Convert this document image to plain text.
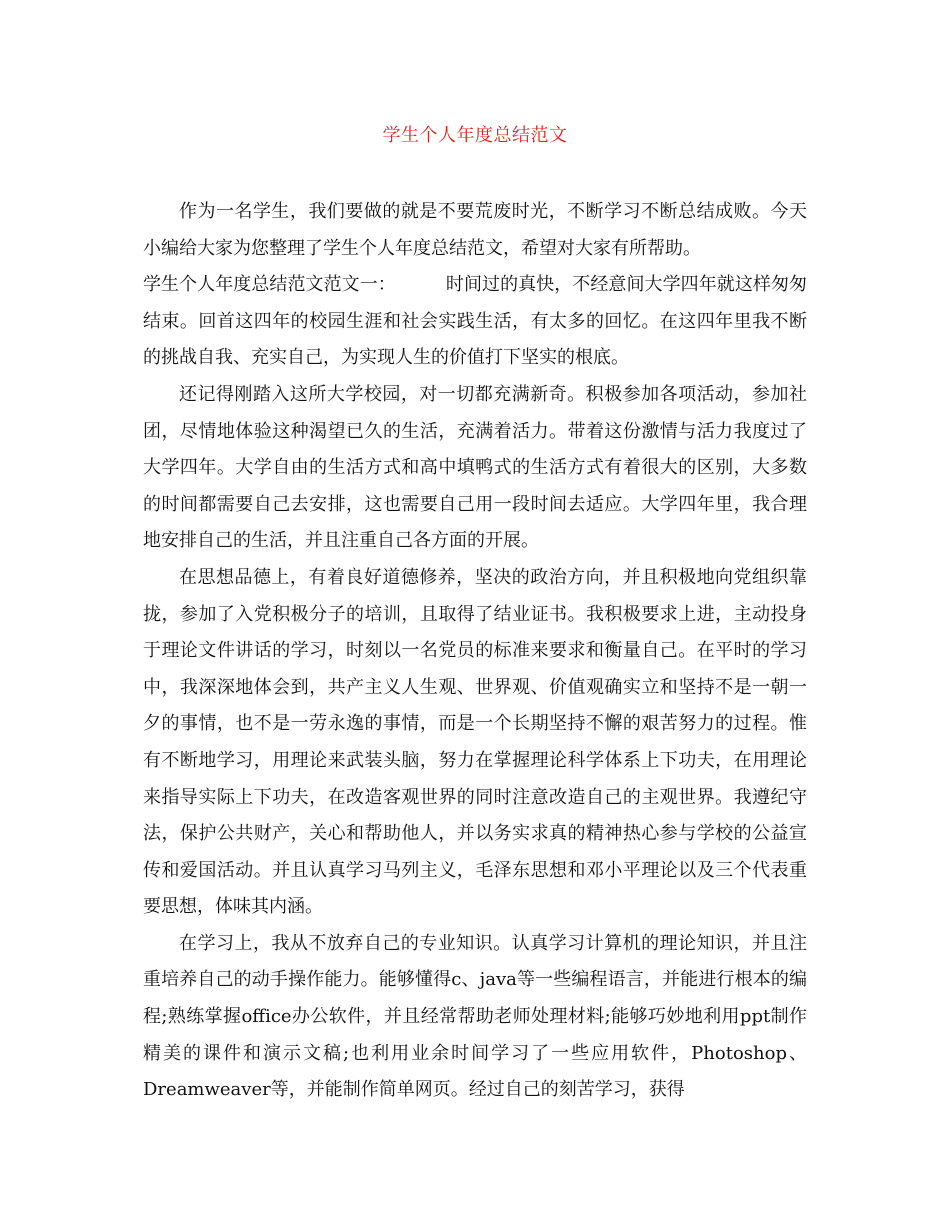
学生个人年度总结范文

作为一名学生，我们要做的就是不要荒废时光，不断学习不断总结成败。今天小编给大家为您整理了学生个人年度总结范文，希望对大家有所帮助。

学生个人年度总结范文范文一：	时间过的真快，不经意间大学四年就这样匆匆结束。回首这四年的校园生涯和社会实践生活，有太多的回忆。在这四年里我不断的挑战自我、充实自己，为实现人生的价值打下坚实的根底。

还记得刚踏入这所大学校园，对一切都充满新奇。积极参加各项活动，参加社团，尽情地体验这种渴望已久的生活，充满着活力。带着这份激情与活力我度过了大学四年。大学自由的生活方式和高中填鸭式的生活方式有着很大的区别，大多数的时间都需要自己去安排，这也需要自己用一段时间去适应。大学四年里，我合理地安排自己的生活，并且注重自己各方面的开展。

在思想品德上，有着良好道德修养，坚决的政治方向，并且积极地向党组织靠拢，参加了入党积极分子的培训，且取得了结业证书。我积极要求上进，主动投身于理论文件讲话的学习，时刻以一名党员的标准来要求和衡量自己。在平时的学习中，我深深地体会到，共产主义人生观、世界观、价值观确实立和坚持不是一朝一夕的事情，也不是一劳永逸的事情，而是一个长期坚持不懈的艰苦努力的过程。惟有不断地学习，用理论来武装头脑，努力在掌握理论科学体系上下功夫，在用理论来指导实际上下功夫，在改造客观世界的同时注意改造自己的主观世界。我遵纪守法，保护公共财产，关心和帮助他人，并以务实求真的精神热心参与学校的公益宣传和爱国活动。并且认真学习马列主义，毛泽东思想和邓小平理论以及三个代表重要思想，体味其内涵。

在学习上，我从不放弃自己的专业知识。认真学习计算机的理论知识，并且注重培养自己的动手操作能力。能够懂得c、java等一些编程语言，并能进行根本的编程;熟练掌握office办公软件，并且经常帮助老师处理材料;能够巧妙地利用ppt制作精美的课件和演示文稿;也利用业余时间学习了一些应用软件，Photoshop、Dreamweaver等，并能制作简单网页。经过自己的刻苦学习，获得
